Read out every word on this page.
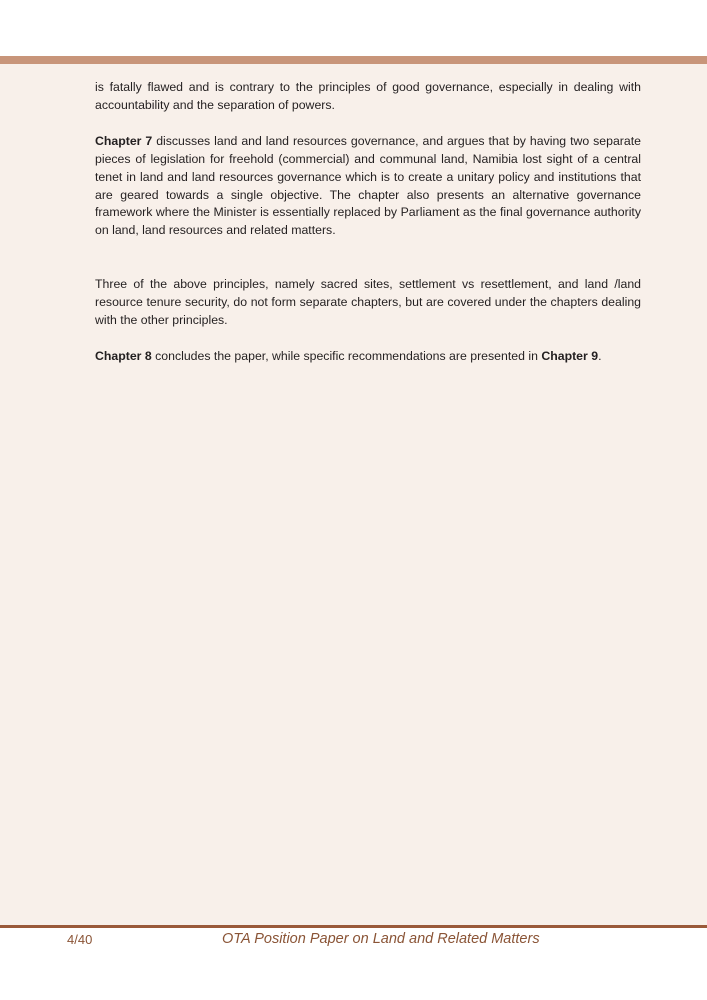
is fatally flawed and is contrary to the principles of good governance, especially in dealing with accountability and the separation of powers.

Chapter 7 discusses land and land resources governance, and argues that by having two separate pieces of legislation for freehold (commercial) and communal land, Namibia lost sight of a central tenet in land and land resources governance which is to create a unitary policy and institutions that are geared towards a single objective. The chapter also presents an alternative governance framework where the Minister is essentially replaced by Parliament as the final governance authority on land, land resources and related matters.

Three of the above principles, namely sacred sites, settlement vs resettlement, and land /land resource tenure security, do not form separate chapters, but are covered under the chapters dealing with the other principles.

Chapter 8 concludes the paper, while specific recommendations are presented in Chapter 9.

4/40	OTA Position Paper on Land and Related Matters
